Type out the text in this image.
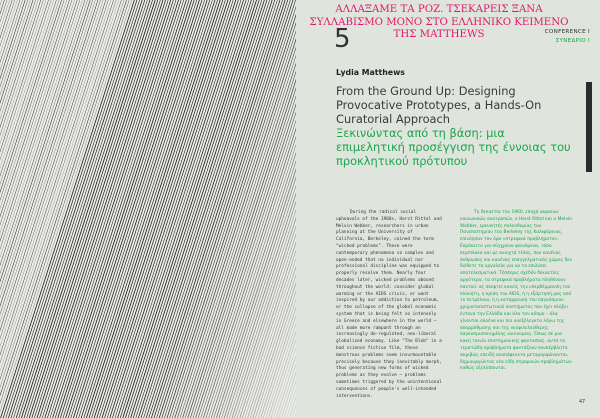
ΑΛΛΑΞΑΜΕ ΤΑ ΡΟΖ. ΤΣΕΚΑΡΕΙΣ ΞΑΝΑ ΣΥΛΛΑΒΙΣΜΟ ΜΟΝΟ ΣΤΟ ΕΛΛΗΝΙΚΟ ΚΕΙΜΕΝΟ ΤΗΣ MATTHEWS

5	CONFERENCE I
ΣΥΝΕΔΡΙΟ Ι

Lydia Matthews

From the Ground Up: Designing Provocative Prototypes, a Hands-On Curatorial Approach
Ξεκινώντας από τη βάση: μια επιμελητική προσέγγιση της έννοιας του προκλητικού πρότυπου

During the radical social upheavals of the 1960s, Horst Rittel and Melvin Webber, researchers in urban planning at the University of California, Berkeley, coined the term "wicked problems". These were contemporary phenomena so complex and open-ended that no individual nor professional discipline was equipped to properly resolve them. Nearly four decades later, wicked problems abound throughout the world: consider global warming or the AIDS crisis, or want inspired by our addiction to petroleum, or the collapse of the global economic system that is being felt so intensely in Greece and elsewhere in the world – all made more rampant through an increasingly de-regulated, neo-liberal globalized economy. Like "The Blob" in a bad science fiction film, these monstrous problems seem insurmountable precisely because they inevitably morph, thus generating new forms of wicked problems as they evolve – problems sometimes triggered by the unintentional consequences of people's well-intended interventions.

Τη δεκαετία του 1960, εποχή ακραίων κοινωνικών ανατροπών, ο Horst Rittel και ο Melvin Webber, ερευνητές πολεοδομίας του Πανεπιστημίου του Berkeley της Καλιφόρνιας, επινόησαν τον όρο «στρεψικά προβλήματα». Επρόκειτο για σύγχρονα φαινόμενα, τόσο περίπλοκα και με ανοιχτό τέλος, που κανένας άνθρωπος και κανένας επαγγελματικός χώρος δεν διέθετε τα εργαλεία για να τα επιλύσει αποτελεσματικά. Τέσσερις σχεδόν δεκαετίες αργότερα, τα στρεψικά προβλήματα πληθύνουν παντού: ας σκεφτεί κανείς την υπερθέρμανση του πλανήτη, η κρίση του AIDS, ή η εξάρτησή μας από το πετρέλαιο, ή η κατάρρευση του παγκόσμιου χρηματοπιστωτικού συστήματος που έχει πλήξει έντονα την Ελλάδα και όλο τον κόσμο – όλα γίνονται ολοένα και πιο ανεξέλεγκτα λόγω της απορρύθμισης και της νεοφιλελεύθερης παγκοσμιοποιημένης οικονομίας. Όπως σε μια κακή ταινία επιστημονικής φαντασίας, αυτά τα τερατώδη προβλήματα φαντάζουν ανυπέρβλητα ακριβώς επειδή αναπόφευκτα μεταμορφώνονται, δημιουργώντας νέα είδη στρεψικών προβλημάτων καθώς εξελίσσονται.

47
